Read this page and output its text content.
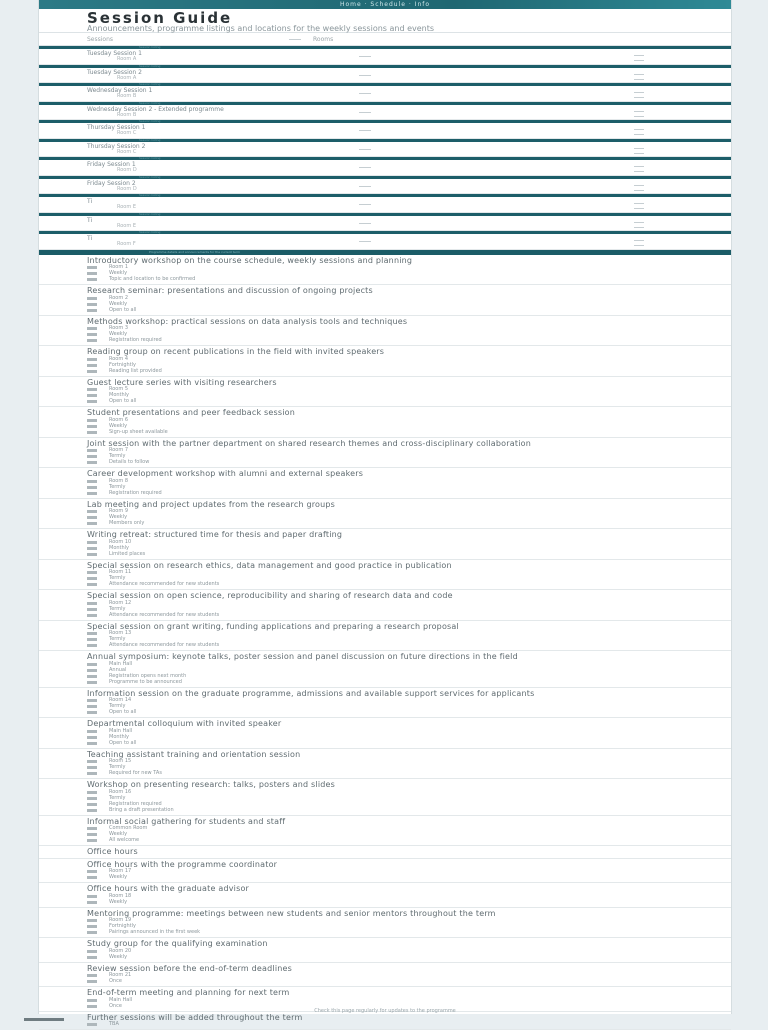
Home · Schedule · Info
Session Guide
Announcements, programme listings and locations for the weekly sessions and events
Sessions	Rooms
Session listing
Tuesday Session 1
Room A
Session listing
Tuesday Session 2
Room A
Session listing
Wednesday Session 1
Room B
Session listing
Wednesday Session 2 - Extended programme
Room B
Session listing
Thursday Session 1
Room C
Session listing
Thursday Session 2
Room C
Session listing
Friday Session 1
Room D
Session listing
Friday Session 2
Room D
Session listing
Ti
Room E
Session listing
Ti
Room E
Session listing
Ti
Room F
Programme details and announcements for the current term
Introductory workshop on the course schedule, weekly sessions and planning
Room 1
Weekly
Topic and location to be confirmed
Research seminar: presentations and discussion of ongoing projects
Room 2
Weekly
Open to all
Methods workshop: practical sessions on data analysis tools and techniques
Room 3
Weekly
Registration required
Reading group on recent publications in the field with invited speakers
Room 4
Fortnightly
Reading list provided
Guest lecture series with visiting researchers
Room 5
Monthly
Open to all
Student presentations and peer feedback session
Room 6
Weekly
Sign-up sheet available
Joint session with the partner department on shared research themes and cross-disciplinary collaboration
Room 7
Termly
Details to follow
Career development workshop with alumni and external speakers
Room 8
Termly
Registration required
Lab meeting and project updates from the research groups
Room 9
Weekly
Members only
Writing retreat: structured time for thesis and paper drafting
Room 10
Monthly
Limited places
Special session on research ethics, data management and good practice in publication
Room 11
Termly
Attendance recommended for new students
Special session on open science, reproducibility and sharing of research data and code
Room 12
Termly
Attendance recommended for new students
Special session on grant writing, funding applications and preparing a research proposal
Room 13
Termly
Attendance recommended for new students
Annual symposium: keynote talks, poster session and panel discussion on future directions in the field
Main Hall
Annual
Registration opens next month
Programme to be announced
Information session on the graduate programme, admissions and available support services for applicants
Room 14
Termly
Open to all
Departmental colloquium with invited speaker
Main Hall
Monthly
Open to all
Teaching assistant training and orientation session
Room 15
Termly
Required for new TAs
Workshop on presenting research: talks, posters and slides
Room 16
Termly
Registration required
Bring a draft presentation
Informal social gathering for students and staff
Common Room
Weekly
All welcome
Office hours
Office hours with the programme coordinator
Room 17
Weekly
Office hours with the graduate advisor
Room 18
Weekly
Mentoring programme: meetings between new students and senior mentors throughout the term
Room 19
Fortnightly
Pairings announced in the first week
Study group for the qualifying examination
Room 20
Weekly
Review session before the end-of-term deadlines
Room 21
Once
End-of-term meeting and planning for next term
Main Hall
Once
Further sessions will be added throughout the term
TBA
Check this page regularly for updates to the programme
